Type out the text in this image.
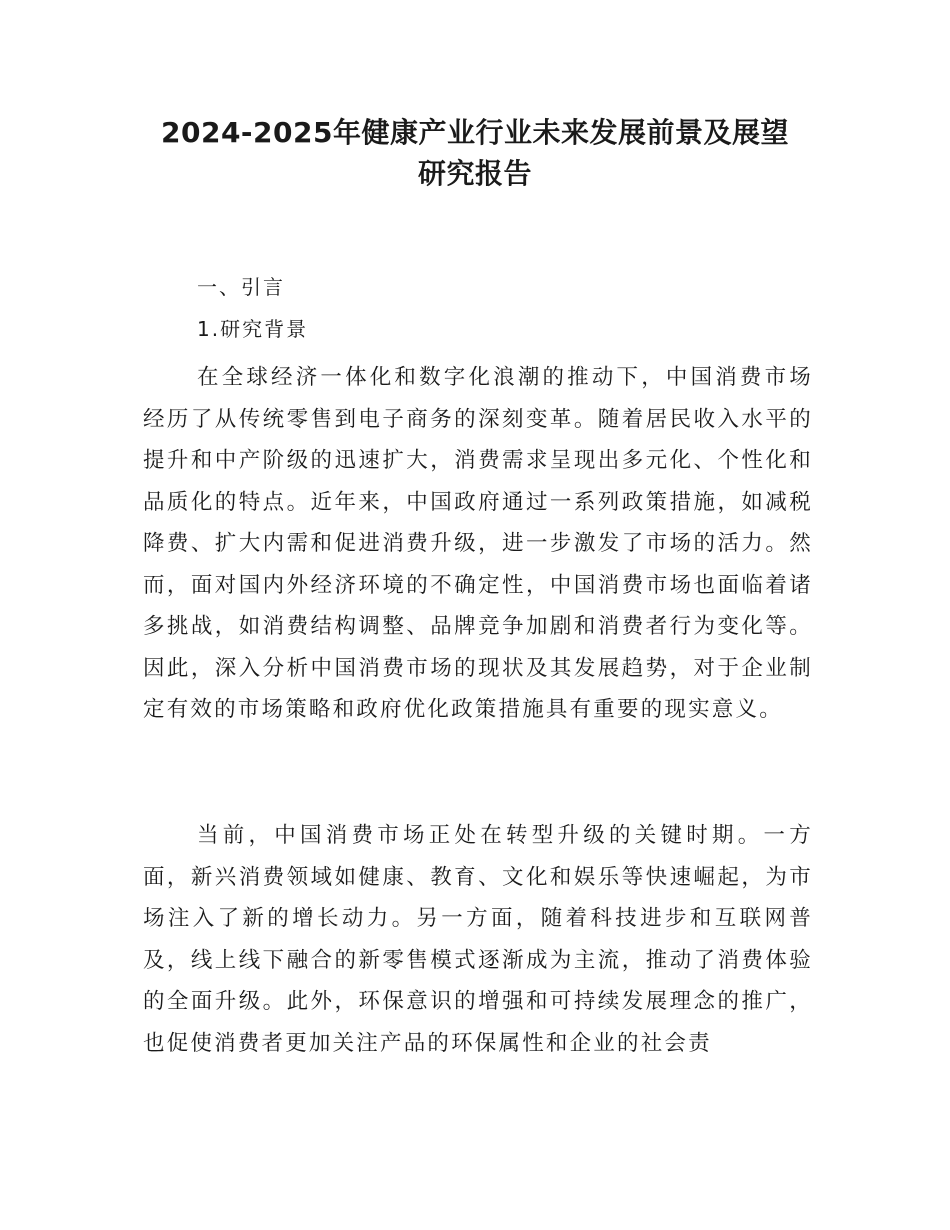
2024-2025年健康产业行业未来发展前景及展望
研究报告

一、引言

1.研究背景

在全球经济一体化和数字化浪潮的推动下，中国消费市场经历了从传统零售到电子商务的深刻变革。随着居民收入水平的提升和中产阶级的迅速扩大，消费需求呈现出多元化、个性化和品质化的特点。近年来，中国政府通过一系列政策措施，如减税降费、扩大内需和促进消费升级，进一步激发了市场的活力。然而，面对国内外经济环境的不确定性，中国消费市场也面临着诸多挑战，如消费结构调整、品牌竞争加剧和消费者行为变化等。因此，深入分析中国消费市场的现状及其发展趋势，对于企业制定有效的市场策略和政府优化政策措施具有重要的现实意义。

当前，中国消费市场正处在转型升级的关键时期。一方面，新兴消费领域如健康、教育、文化和娱乐等快速崛起，为市场注入了新的增长动力。另一方面，随着科技进步和互联网普及，线上线下融合的新零售模式逐渐成为主流，推动了消费体验的全面升级。此外，环保意识的增强和可持续发展理念的推广，也促使消费者更加关注产品的环保属性和企业的社会责
